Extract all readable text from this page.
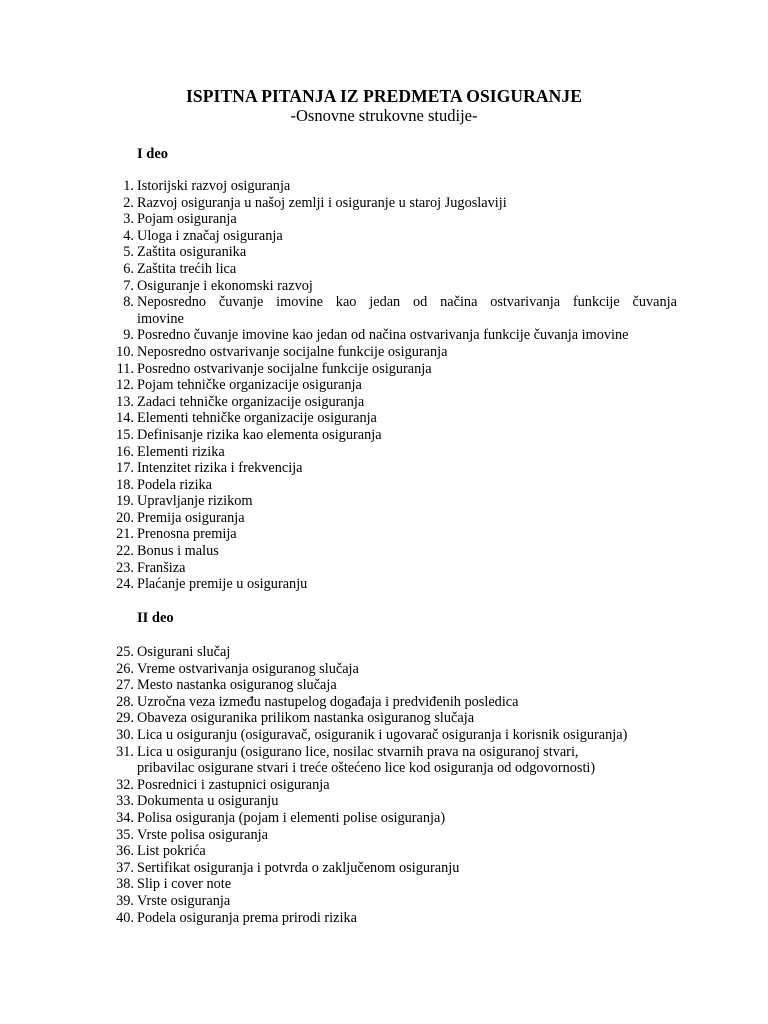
ISPITNA PITANJA IZ PREDMETA OSIGURANJE
-Osnovne strukovne studije-
I deo
1. Istorijski razvoj osiguranja
2. Razvoj osiguranja u našoj zemlji i osiguranje u staroj Jugoslaviji
3. Pojam osiguranja
4. Uloga i značaj osiguranja
5. Zaštita osiguranika
6. Zaštita trećih lica
7. Osiguranje i ekonomski razvoj
8. Neposredno čuvanje imovine kao jedan od načina ostvarivanja funkcije čuvanja
imovine
9. Posredno čuvanje imovine kao jedan od načina ostvarivanja funkcije čuvanja imovine
10. Neposredno ostvarivanje socijalne funkcije osiguranja
11. Posredno ostvarivanje socijalne funkcije osiguranja
12. Pojam tehničke organizacije osiguranja
13. Zadaci tehničke organizacije osiguranja
14. Elementi tehničke organizacije osiguranja
15. Definisanje rizika kao elementa osiguranja
16. Elementi rizika
17. Intenzitet rizika i frekvencija
18. Podela rizika
19. Upravljanje rizikom
20. Premija osiguranja
21. Prenosna premija
22. Bonus i malus
23. Franšiza
24. Plaćanje premije u osiguranju
II deo
25. Osigurani slučaj
26. Vreme ostvarivanja osiguranog slučaja
27. Mesto nastanka osiguranog slučaja
28. Uzročna veza između nastupelog događaja i predviđenih posledica
29. Obaveza osiguranika prilikom nastanka osiguranog slučaja
30. Lica u osiguranju (osiguravač, osiguranik i ugovarač osiguranja i korisnik osiguranja)
31. Lica u osiguranju (osigurano lice, nosilac stvarnih prava na osiguranoj stvari,
pribavilac osigurane stvari i treće oštećeno lice kod osiguranja od odgovornosti)
32. Posrednici i zastupnici osiguranja
33. Dokumenta u osiguranju
34. Polisa osiguranja (pojam i elementi polise osiguranja)
35. Vrste polisa osiguranja
36. List pokrića
37. Sertifikat osiguranja i potvrda o zaključenom osiguranju
38. Slip i cover note
39. Vrste osiguranja
40. Podela osiguranja prema prirodi rizika
